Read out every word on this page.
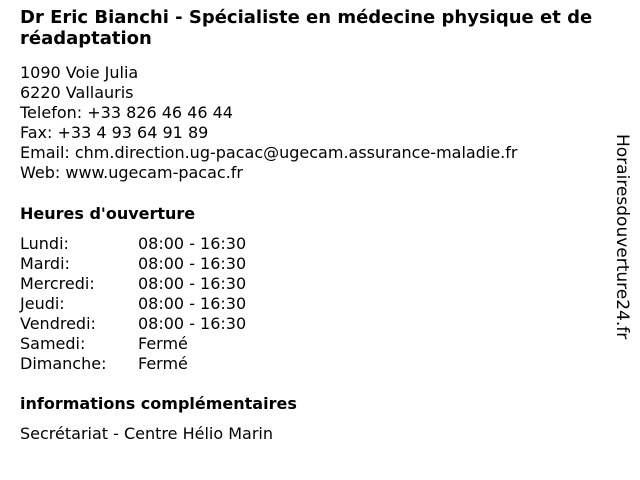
Dr Eric Bianchi - Spécialiste en médecine physique et de réadaptation
1090 Voie Julia
6220 Vallauris
Telefon: +33 826 46 46 44
Fax: +33 4 93 64 91 89
Email: chm.direction.ug-pacac@ugecam.assurance-maladie.fr
Web: www.ugecam-pacac.fr
Heures d'ouverture
Lundi:	08:00 - 16:30
Mardi:	08:00 - 16:30
Mercredi:	08:00 - 16:30
Jeudi:	08:00 - 16:30
Vendredi:	08:00 - 16:30
Samedi:	Fermé
Dimanche:	Fermé
informations complémentaires
Secrétariat - Centre Hélio Marin
Horairesdouverture24.fr
